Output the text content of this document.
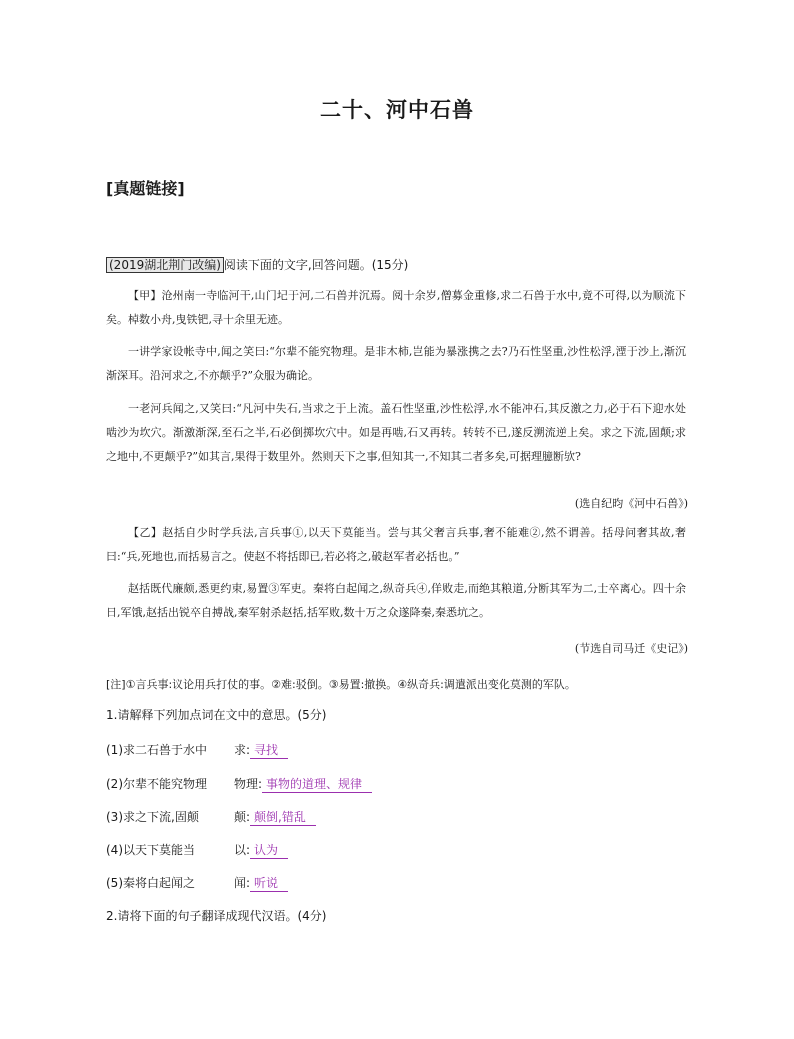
二十、河中石兽
[真题链接]
(2019湖北荆门改编) 阅读下面的文字,回答问题。(15分)

【甲】沧州南一寺临河干,山门圮于河,二石兽并沉焉。阅十余岁,僧募金重修,求二石兽于水中,竟不可得,以为顺流下矣。棹数小舟,曳铁钯,寻十余里无迹。

一讲学家设帐寺中,闻之笑曰:“尔辈不能究物理。是非木柿,岂能为暴涨携之去?乃石性坚重,沙性松浮,湮于沙上,渐沉渐深耳。沿河求之,不亦颠乎?”众服为确论。

一老河兵闻之,又笑曰:“凡河中失石,当求之于上流。盖石性坚重,沙性松浮,水不能冲石,其反激之力,必于石下迎水处啮沙为坎穴。渐激渐深,至石之半,石必倒掷坎穴中。如是再啮,石又再转。转转不已,遂反溯流逆上矣。求之下流,固颠;求之地中,不更颠乎?”如其言,果得于数里外。然则天下之事,但知其一,不知其二者多矣,可据理臆断欤?

(选自纪昀《河中石兽》)

【乙】赵括自少时学兵法,言兵事①,以天下莫能当。尝与其父奢言兵事,奢不能难②,然不谓善。括母问奢其故,奢曰:“兵,死地也,而括易言之。使赵不将括即已,若必将之,破赵军者必括也。”

赵括既代廉颇,悉更约束,易置③军吏。秦将白起闻之,纵奇兵④,佯败走,而绝其粮道,分断其军为二,士卒离心。四十余日,军饿,赵括出锐卒自搏战,秦军射杀赵括,括军败,数十万之众遂降秦,秦悉坑之。

(节选自司马迁《史记》)
[注]①言兵事:议论用兵打仗的事。②难:驳倒。③易置:撤换。④纵奇兵:调遣派出变化莫测的军队。
1.请解释下列加点词在文中的意思。(5分)
(1)求二石兽于水中 求: 寻找
(2)尔辈不能究物理 物理: 事物的道理、规律
(3)求之下流,固颠	颠: 颠倒,错乱
(4)以天下莫能当	以: 认为
(5)秦将白起闻之	闻: 听说
2.请将下面的句子翻译成现代汉语。(4分)
